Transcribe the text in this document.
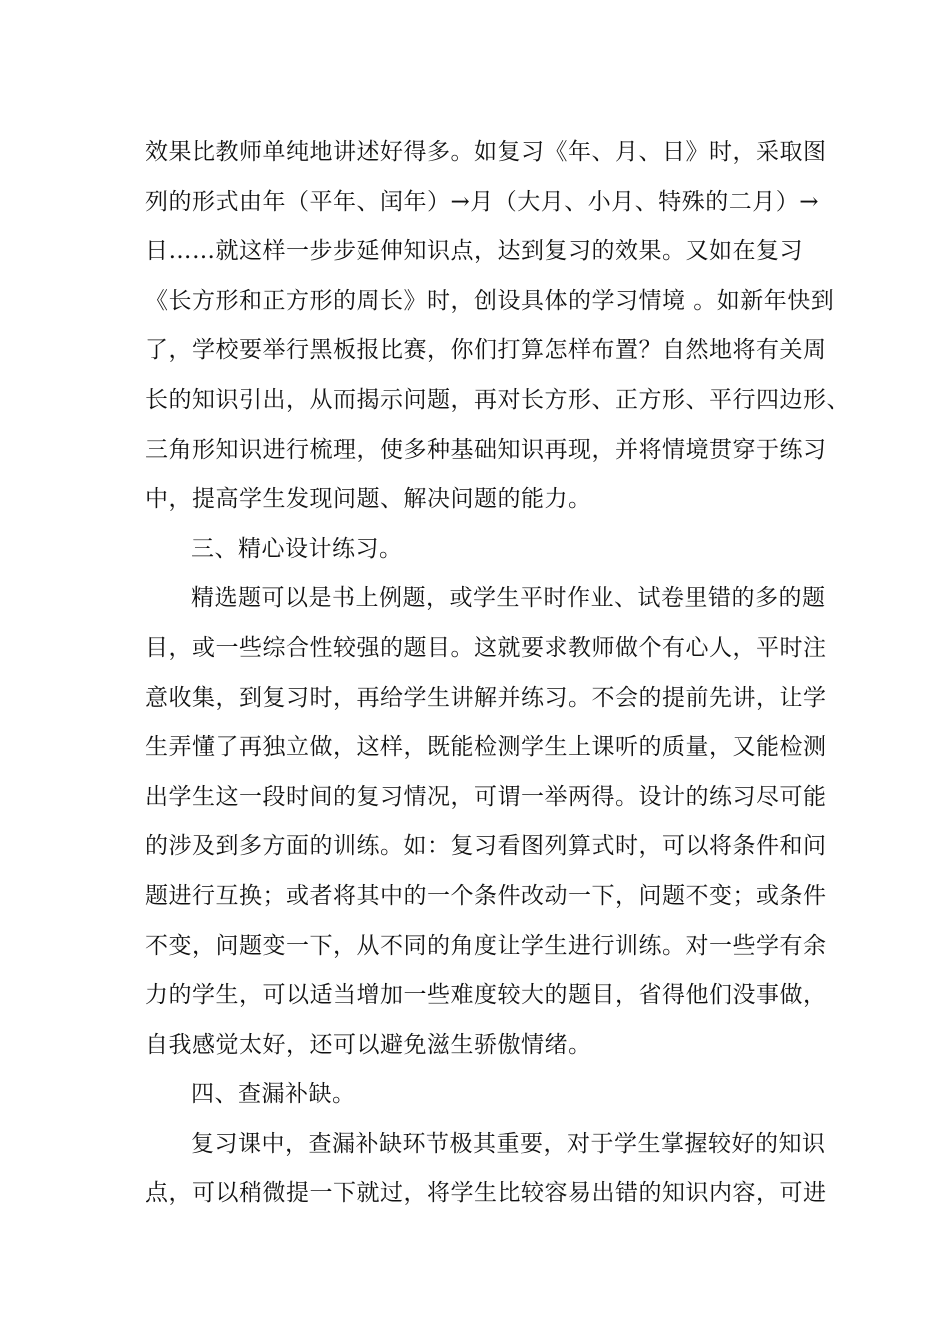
效果比教师单纯地讲述好得多。如复习《年、月、日》时，采取图
列的形式由年（平年、闰年）→月（大月、小月、特殊的二月）→
日……就这样一步步延伸知识点，达到复习的效果。又如在复习
《长方形和正方形的周长》时，创设具体的学习情境 。如新年快到
了，学校要举行黑板报比赛，你们打算怎样布置？自然地将有关周
长的知识引出，从而揭示问题，再对长方形、正方形、平行四边形、
三角形知识进行梳理，使多种基础知识再现，并将情境贯穿于练习
中，提高学生发现问题、解决问题的能力。
三、精心设计练习。
精选题可以是书上例题，或学生平时作业、试卷里错的多的题
目，或一些综合性较强的题目。这就要求教师做个有心人，平时注
意收集，到复习时，再给学生讲解并练习。不会的提前先讲，让学
生弄懂了再独立做，这样，既能检测学生上课听的质量，又能检测
出学生这一段时间的复习情况，可谓一举两得。设计的练习尽可能
的涉及到多方面的训练。如：复习看图列算式时，可以将条件和问
题进行互换；或者将其中的一个条件改动一下，问题不变；或条件
不变，问题变一下，从不同的角度让学生进行训练。对一些学有余
力的学生，可以适当增加一些难度较大的题目，省得他们没事做，
自我感觉太好，还可以避免滋生骄傲情绪。
四、查漏补缺。
复习课中，查漏补缺环节极其重要，对于学生掌握较好的知识
点，可以稍微提一下就过，将学生比较容易出错的知识内容，可进
